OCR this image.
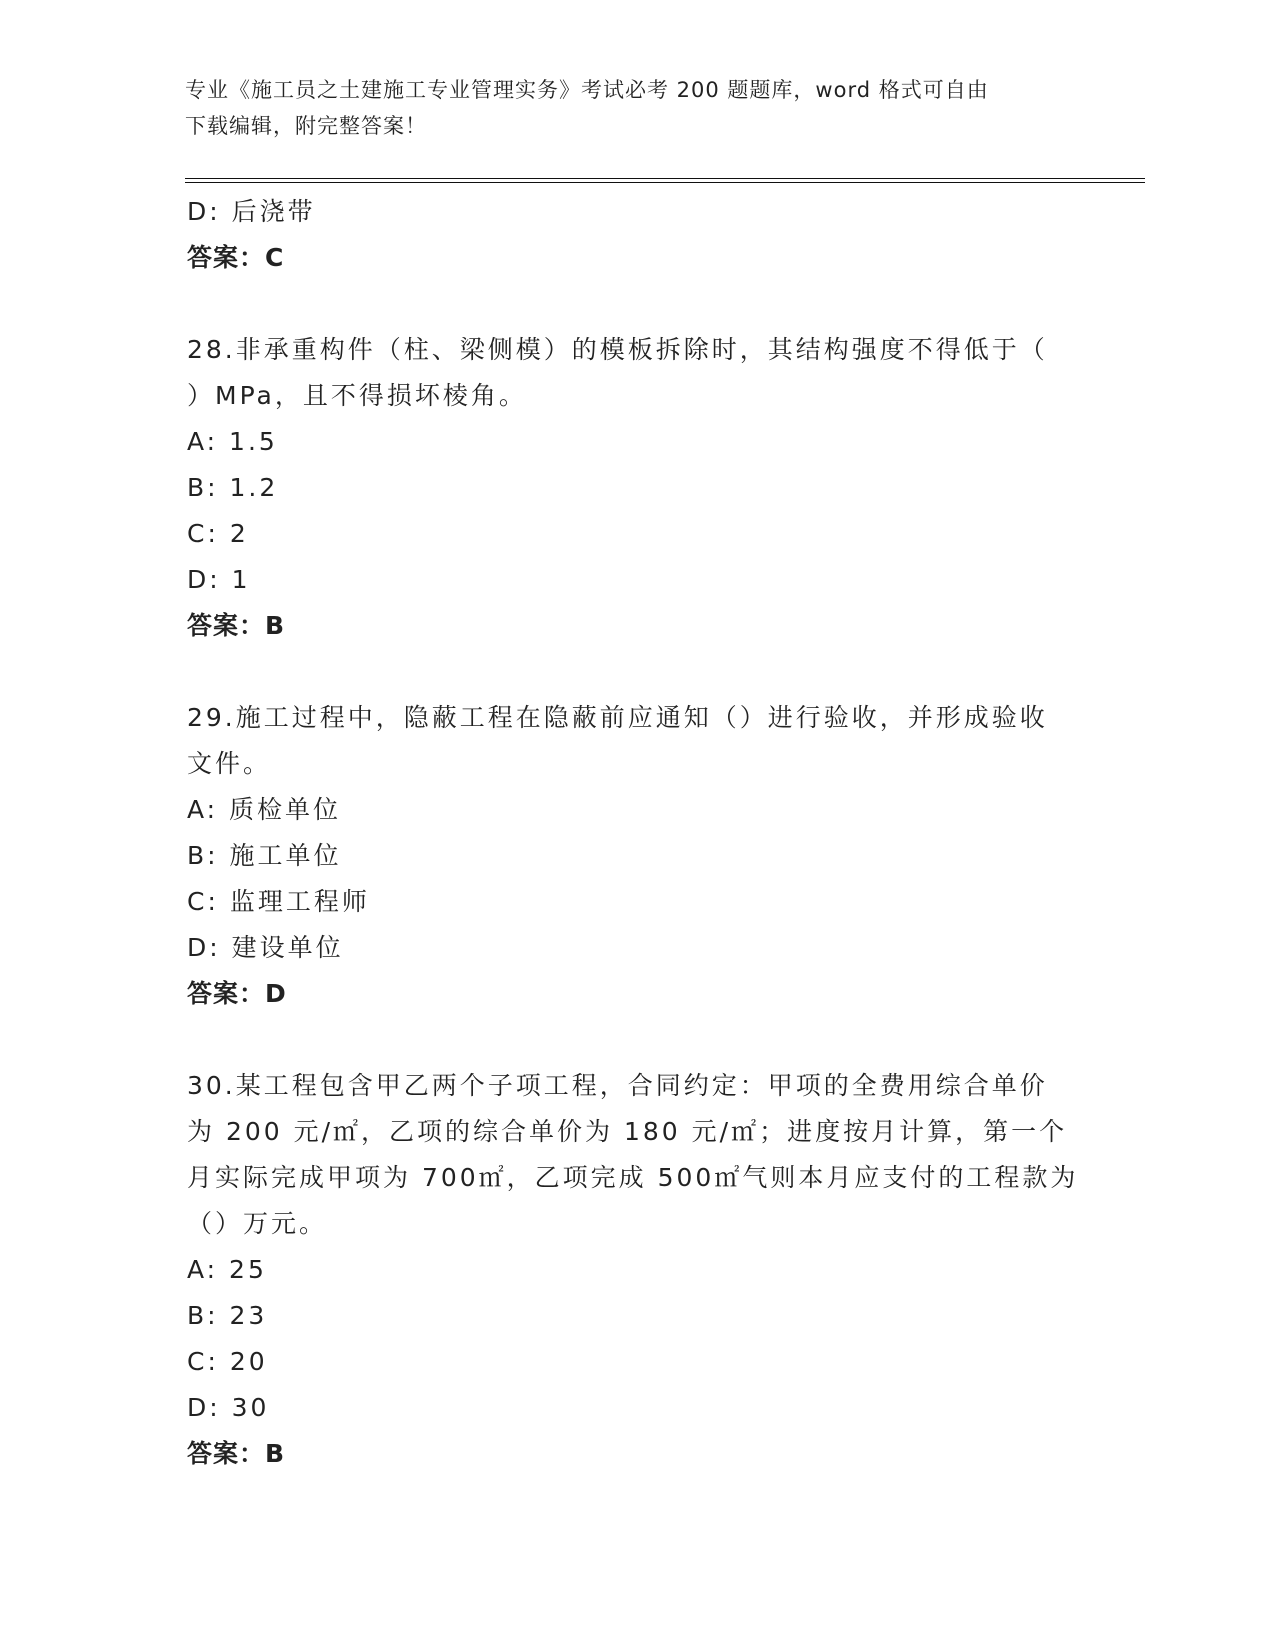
专业《施工员之土建施工专业管理实务》考试必考 200 题题库，word 格式可自由
下载编辑，附完整答案！
D: 后浇带
答案：C
28.非承重构件（柱、梁侧模）的模板拆除时，其结构强度不得低于（
）MPa，且不得损坏棱角。
A: 1.5
B: 1.2
C: 2
D: 1
答案：B
29.施工过程中，隐蔽工程在隐蔽前应通知（）进行验收，并形成验收
文件。
A: 质检单位
B: 施工单位
C: 监理工程师
D: 建设单位
答案：D
30.某工程包含甲乙两个子项工程，合同约定：甲项的全费用综合单价
为 200 元/㎡，乙项的综合单价为 180 元/㎡；进度按月计算，第一个
月实际完成甲项为 700㎡，乙项完成 500㎡气则本月应支付的工程款为
（）万元。
A: 25
B: 23
C: 20
D: 30
答案：B
